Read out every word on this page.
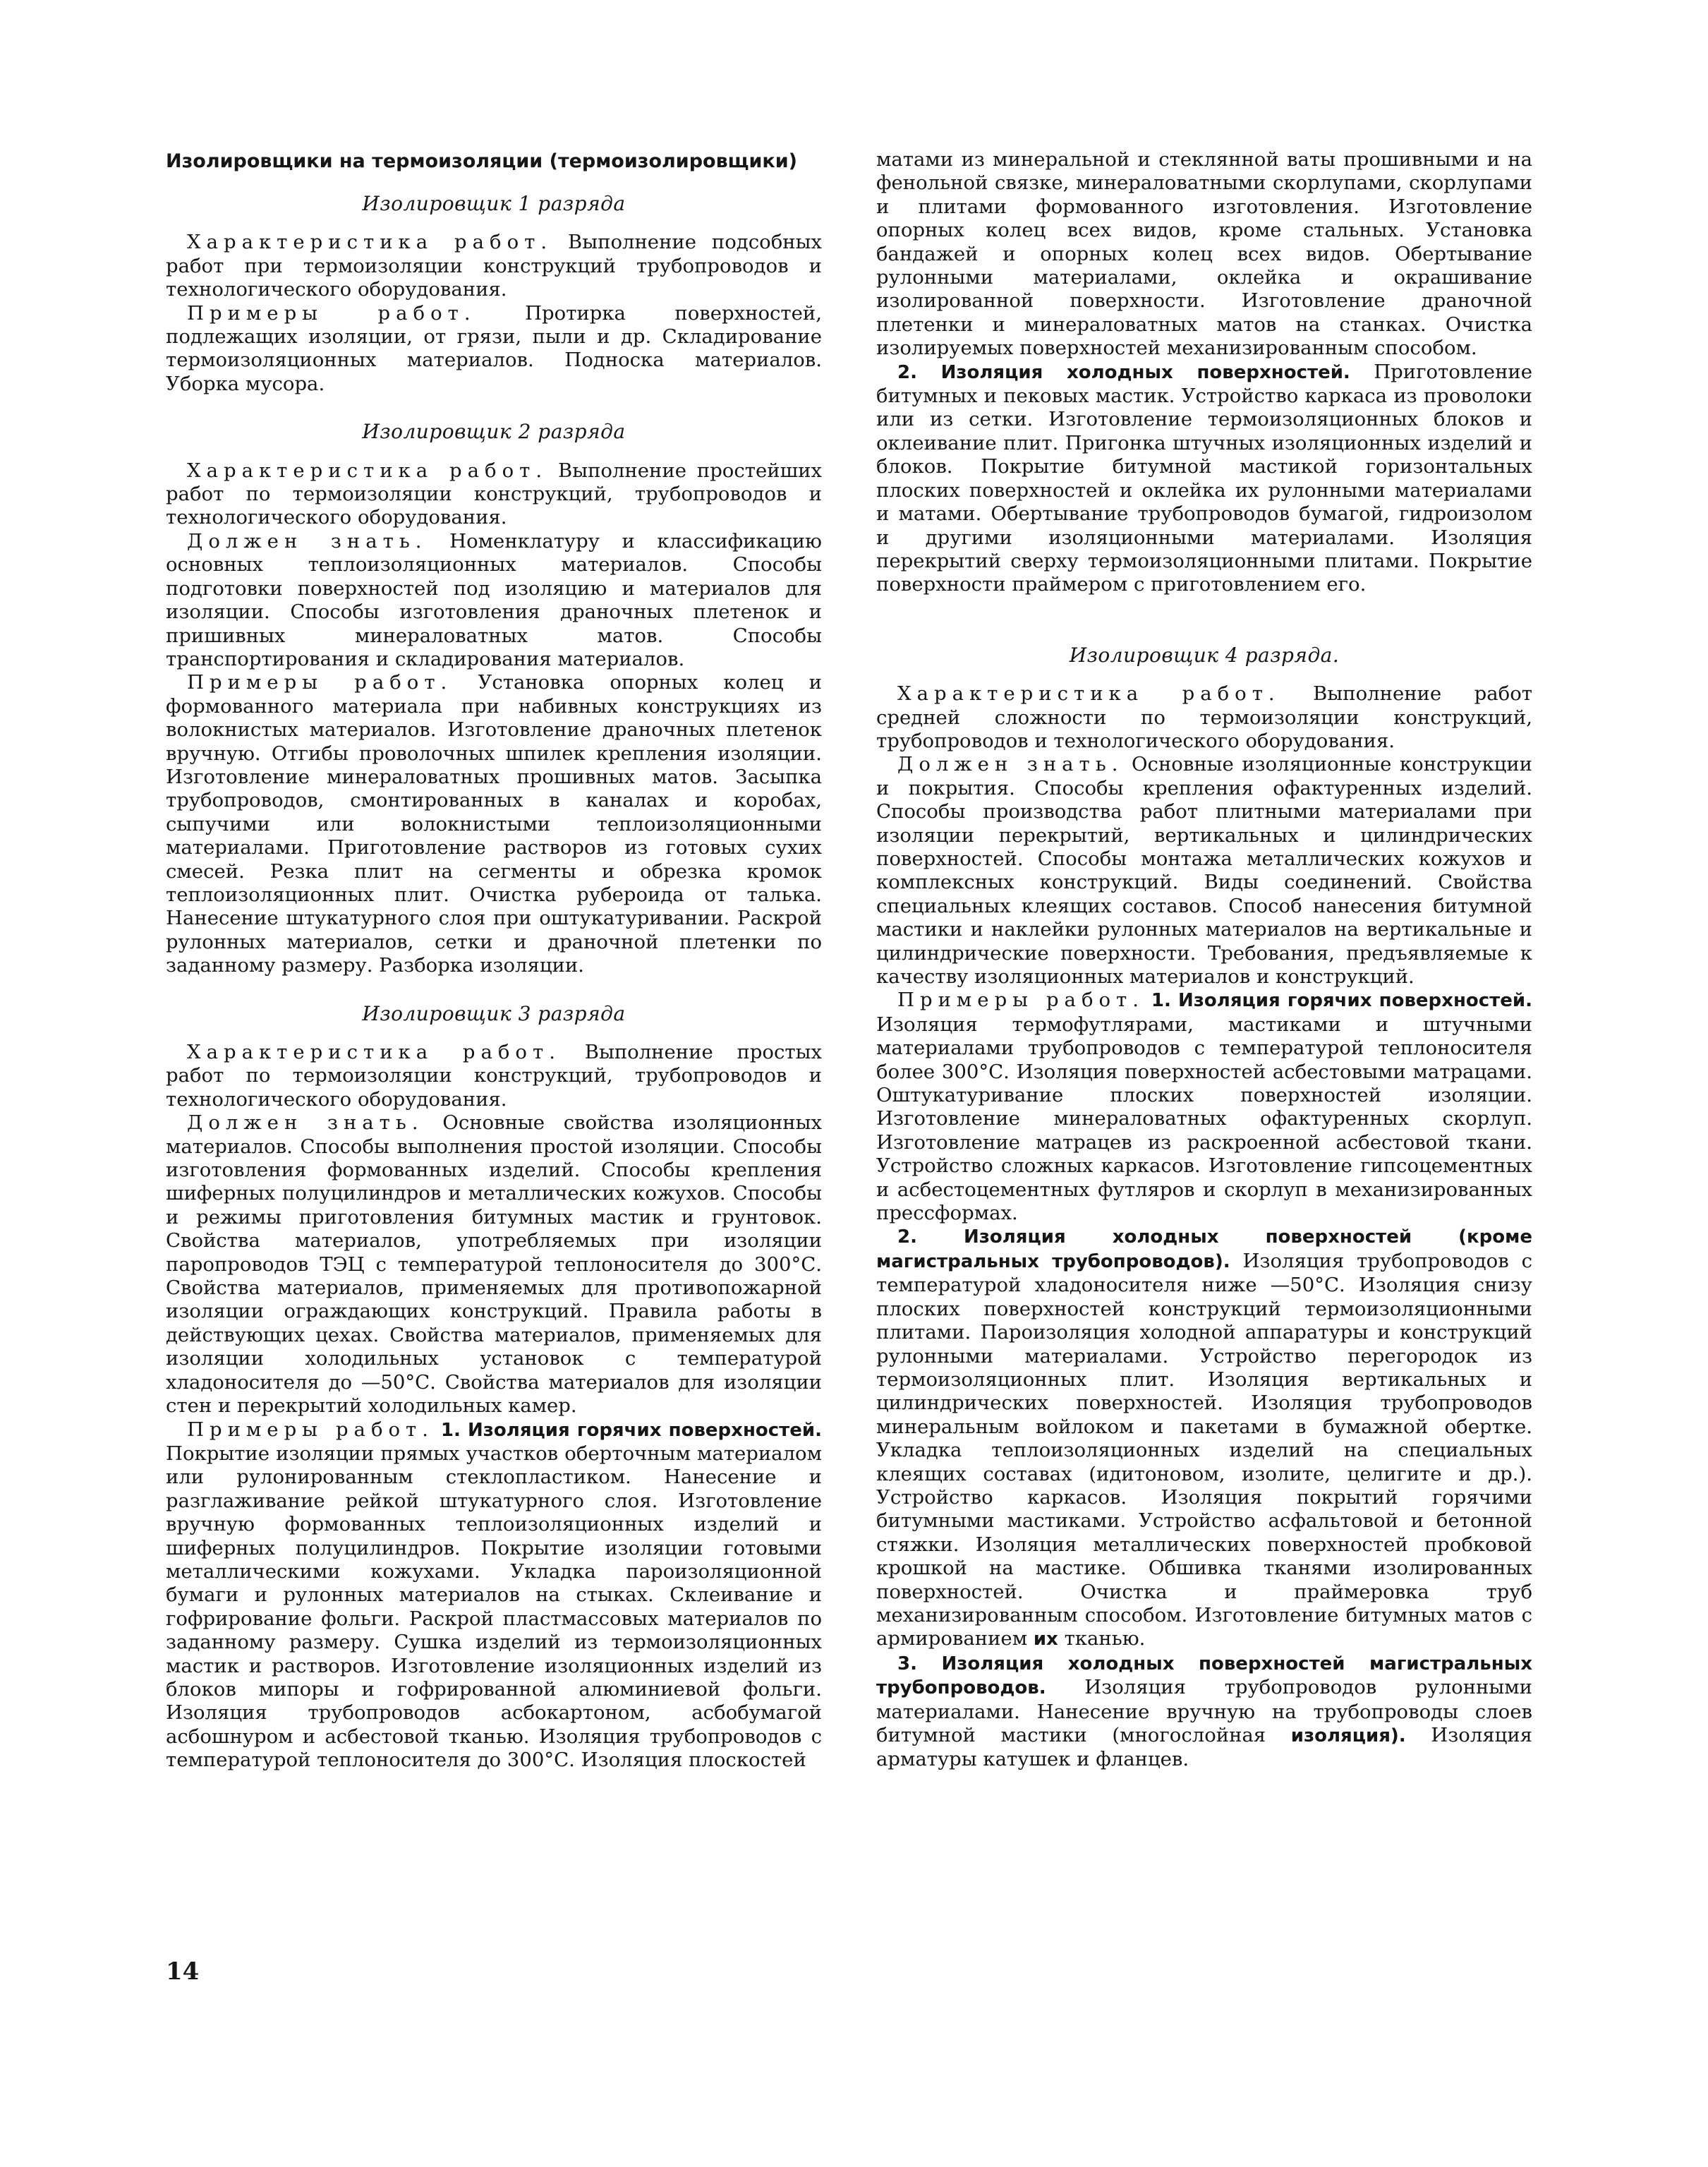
Изолировщики на термоизоляции (термоизолировщики)
Изолировщик 1 разряда

Характеристика работ. Выполнение подсобных работ при термоизоляции конструкций трубопроводов и технологического оборудования.

Примеры работ.	Протирка поверхностей, подлежащих изоляции, от грязи, пыли и др. Складирование термоизоляционных материалов. Подноска материалов. Уборка мусора.

Изолировщик 2 разряда

Характеристика работ. Выполнение простейших работ по термоизоляции конструкций, трубопроводов и технологического оборудования.

Должен знать. Номенклатуру и классификацию основных теплоизоляционных материалов. Способы подготовки поверхностей под изоляцию и материалов для изоляции. Способы изготовления драночных плетенок и пришивных минераловатных матов. Способы транспортирования и складирования материалов.

Примеры работ. Установка опорных колец и формованного материала при набивных конструкциях из волокнистых материалов. Изготовление драночных плетенок вручную. Отгибы проволочных шпилек крепления изоляции. Изготовление минераловатных прошивных матов. Засыпка трубопроводов, смонтированных в каналах и коробах, сыпучими или волокнистыми теплоизоляционными материалами. Приготовление растворов из готовых сухих смесей. Резка плит на сегменты и обрезка кромок теплоизоляционных плит. Очистка рубероида от талька. Нанесение штукатурного слоя при оштукатуривании. Раскрой рулонных материалов, сетки и драночной плетенки по заданному размеру. Разборка изоляции.

Изолировщик 3 разряда

Характеристика работ. Выполнение простых работ по термоизоляции конструкций, трубопроводов и технологического оборудования.

Должен знать. Основные свойства изоляционных материалов. Способы выполнения простой изоляции. Способы изготовления формованных изделий. Способы крепления шиферных полуцилиндров и металлических кожухов. Способы и режимы приготовления битумных мастик и грунтовок. Свойства материалов, употребляемых при изоляции паропроводов ТЭЦ с температурой теплоносителя до 300°С. Свойства материалов, применяемых для противопожарной изоляции ограждающих конструкций. Правила работы в действующих цехах. Свойства материалов, применяемых для изоляции холодильных установок с температурой хладоносителя до —50°С. Свойства материалов для изоляции стен и перекрытий холодильных камер.

Примеры работ. 1. Изоляция горячих поверхностей. Покрытие изоляции прямых участков оберточным материалом или рулонированным стеклопластиком. Нанесение и разглаживание рейкой штукатурного слоя. Изготовление вручную формованных теплоизоляционных изделий и шиферных полуцилиндров. Покрытие изоляции готовыми металлическими кожухами. Укладка пароизоляционной бумаги и рулонных материалов на стыках. Склеивание и гофрирование фольги. Раскрой пластмассовых материалов по заданному размеру. Сушка изделий из термоизоляционных мастик и растворов. Изготовление изоляционных изделий из блоков мипоры и гофрированной алюминиевой фольги. Изоляция трубопроводов асбокартоном, асбобумагой асбошнуром и асбестовой тканью. Изоляция трубопроводов с температурой теплоносителя до 300°С. Изоляция плоскостей

матами из минеральной и стеклянной ваты прошивными и на фенольной связке, минераловатными скорлупами, скорлупами и плитами формованного изготовления. Изготовление опорных колец всех видов, кроме стальных. Установка бандажей и опорных колец всех видов. Обертывание рулонными материалами, оклейка и окрашивание изолированной поверхности. Изготовление драночной плетенки и минераловатных матов на станках. Очистка изолируемых поверхностей механизированным способом.

2. Изоляция холодных поверхностей. Приготовление битумных и пековых мастик. Устройство каркаса из проволоки или из сетки. Изготовление термоизоляционных блоков и оклеивание плит. Пригонка штучных изоляционных изделий и блоков. Покрытие битумной мастикой горизонтальных плоских поверхностей и оклейка их рулонными материалами и матами. Обертывание трубопроводов бумагой, гидроизолом и другими изоляционными материалами. Изоляция перекрытий сверху термоизоляционными плитами. Покрытие поверхности праймером с приготовлением его.

Изолировщик 4 разряда.

Характеристика работ. Выполнение работ средней сложности по термоизоляции конструкций, трубопроводов и технологического оборудования.

Должен знать. Основные изоляционные конструкции и покрытия. Способы крепления офактуренных изделий. Способы производства работ плитными материалами при изоляции перекрытий, вертикальных и цилиндрических поверхностей. Способы монтажа металлических кожухов и комплексных конструкций. Виды соединений. Свойства специальных клеящих составов. Способ нанесения битумной мастики и наклейки рулонных материалов на вертикальные и цилиндрические поверхности. Требования, предъявляемые к качеству изоляционных материалов и конструкций.

Примеры работ. 1. Изоляция горячих поверхностей. Изоляция термофутлярами, мастиками и штучными материалами трубопроводов с температурой теплоносителя более 300°С. Изоляция поверхностей асбестовыми матрацами. Оштукатуривание плоских поверхностей изоляции. Изготовление минераловатных офактуренных скорлуп. Изготовление матрацев из раскроенной асбестовой ткани. Устройство сложных каркасов. Изготовление гипсоцементных и асбестоцементных футляров и скорлуп в механизированных прессформах.

2. Изоляция холодных поверхностей (кроме магистральных трубопроводов). Изоляция трубопроводов с температурой хладоносителя ниже —50°С. Изоляция снизу плоских поверхностей конструкций термоизоляционными плитами. Пароизоляция холодной аппаратуры и конструкций рулонными материалами. Устройство перегородок из термоизоляционных плит. Изоляция вертикальных и цилиндрических поверхностей. Изоляция трубопроводов минеральным войлоком и пакетами в бумажной обертке. Укладка теплоизоляционных изделий на специальных клеящих составах (идитоновом, изолите, целигите и др.). Устройство каркасов. Изоляция покрытий горячими битумными мастиками. Устройство асфальтовой и бетонной стяжки. Изоляция металлических поверхностей пробковой крошкой на мастике. Обшивка тканями изолированных поверхностей. Очистка и праймеровка труб механизированным способом. Изготовление битумных матов с армированием их тканью.

3. Изоляция холодных поверхностей магистральных трубопроводов. Изоляция трубопроводов рулонными материалами. Нанесение вручную на трубопроводы слоев битумной мастики (многослойная изоляция). Изоляция арматуры катушек и фланцев.

14
